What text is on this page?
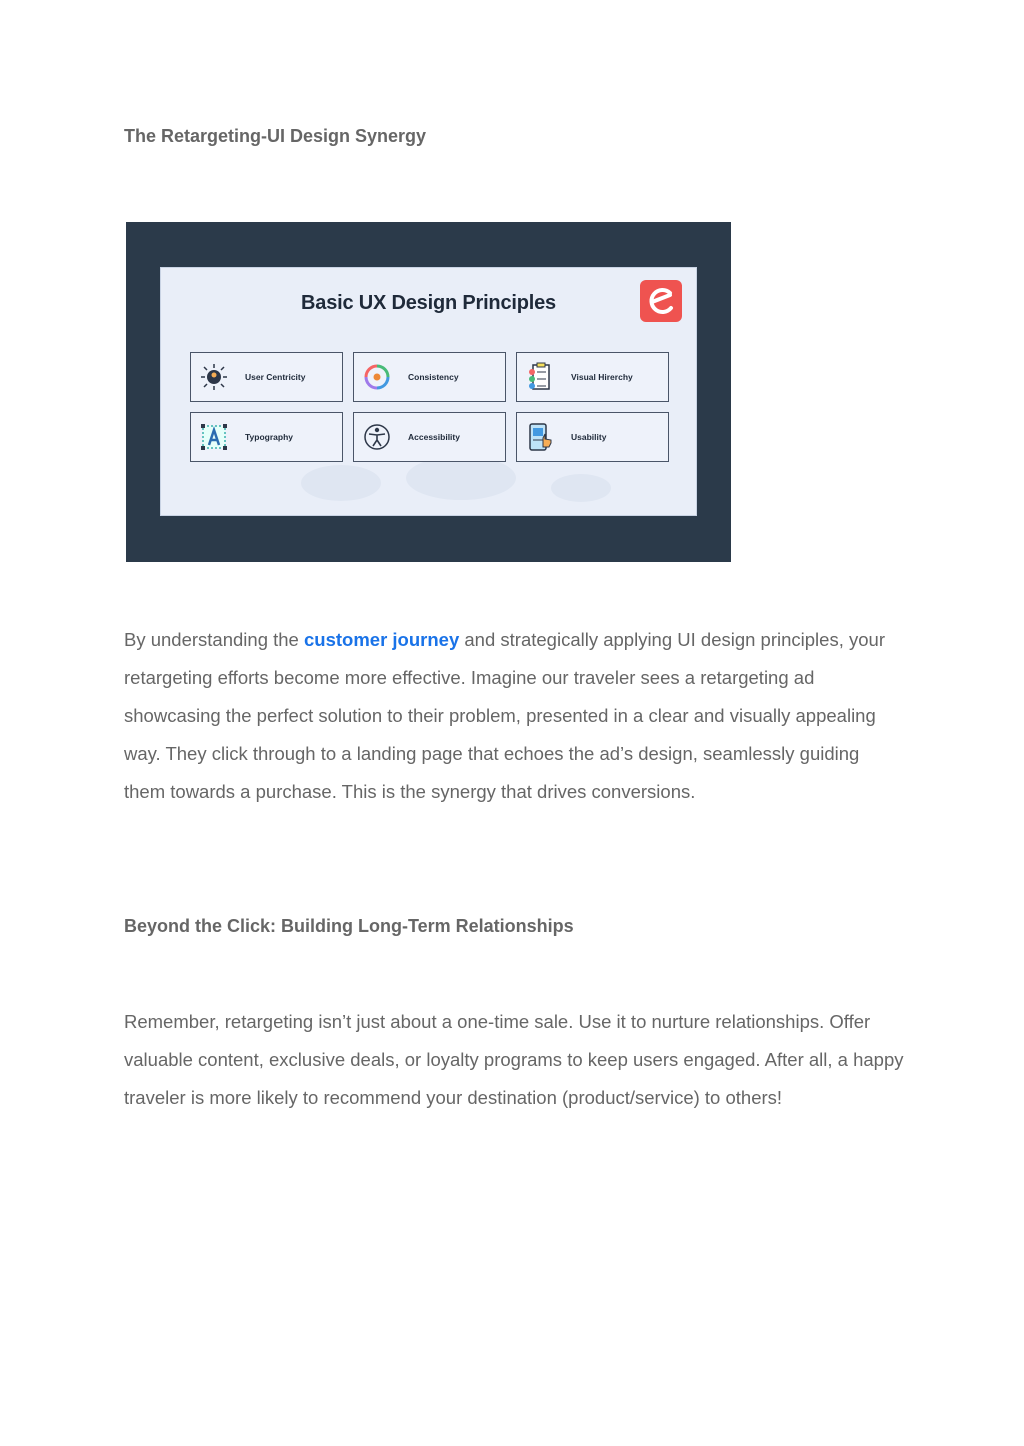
The Retargeting-UI Design Synergy
Basic UX Design Principles
User Centricity	Consistency	Visual Hirerchy
Typography	Accessibility	Usability

By understanding the customer journey and strategically applying UI design principles, your retargeting efforts become more effective. Imagine our traveler sees a retargeting ad showcasing the perfect solution to their problem, presented in a clear and visually appealing way. They click through to a landing page that echoes the ad’s design, seamlessly guiding them towards a purchase. This is the synergy that drives conversions.

Beyond the Click: Building Long-Term Relationships

Remember, retargeting isn’t just about a one-time sale. Use it to nurture relationships. Offer valuable content, exclusive deals, or loyalty programs to keep users engaged. After all, a happy traveler is more likely to recommend your destination (product/service) to others!
